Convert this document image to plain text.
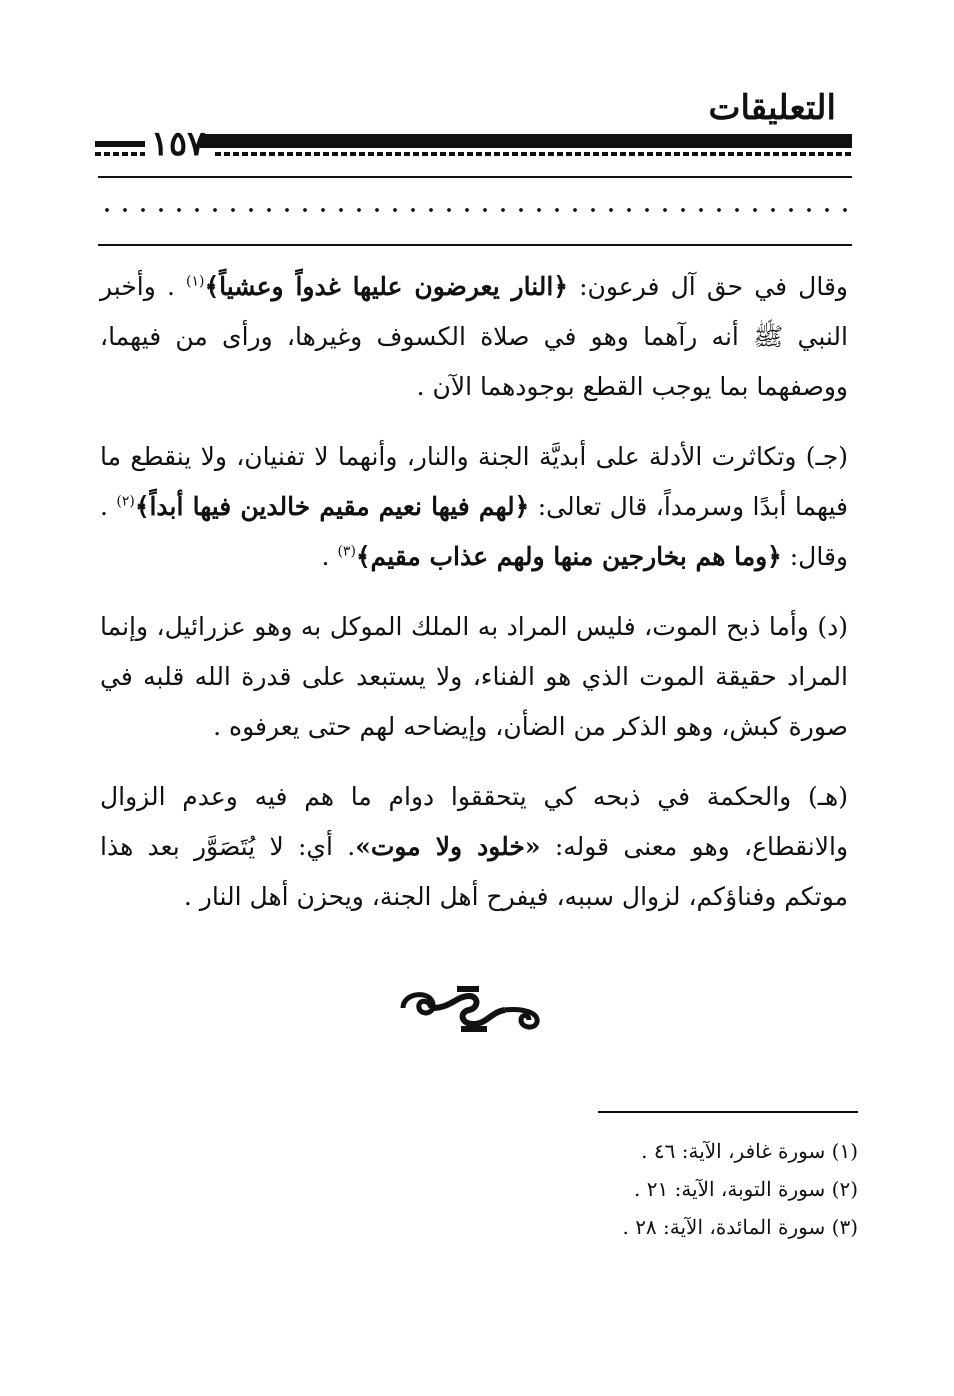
التعليقات
١٥٧

وقال في حق آل فرعون: ﴿النار يعرضون عليها غدواً وعشياً﴾$^{(١)}$ . وأخبر النبي ﷺ أنه رآهما وهو في صلاة الكسوف وغيرها، ورأى من فيهما، ووصفهما بما يوجب القطع بوجودهما الآن .

(جـ) وتكاثرت الأدلة على أبديَّة الجنة والنار، وأنهما لا تفنيان، ولا ينقطع ما فيهما أبدًا وسرمداً، قال تعالى: ﴿لهم فيها نعيم مقيم خالدين فيها أبداً﴾$^{(٢)}$ . وقال: ﴿وما هم بخارجين منها ولهم عذاب مقيم﴾$^{(٣)}$ .

(د) وأما ذبح الموت، فليس المراد به الملك الموكل به وهو عزرائيل، وإنما المراد حقيقة الموت الذي هو الفناء، ولا يستبعد على قدرة الله قلبه في صورة كبش، وهو الذكر من الضأن، وإيضاحه لهم حتى يعرفوه .

(هـ) والحكمة في ذبحه كي يتحققوا دوام ما هم فيه وعدم الزوال والانقطاع، وهو معنى قوله: «خلود ولا موت». أي: لا يُتَصَوَّر بعد هذا موتكم وفناؤكم، لزوال سببه، فيفرح أهل الجنة، ويحزن أهل النار .

(١) سورة غافر، الآية: ٤٦ .
(٢) سورة التوبة، الآية: ٢١ .
(٣) سورة المائدة، الآية: ٢٨ .
